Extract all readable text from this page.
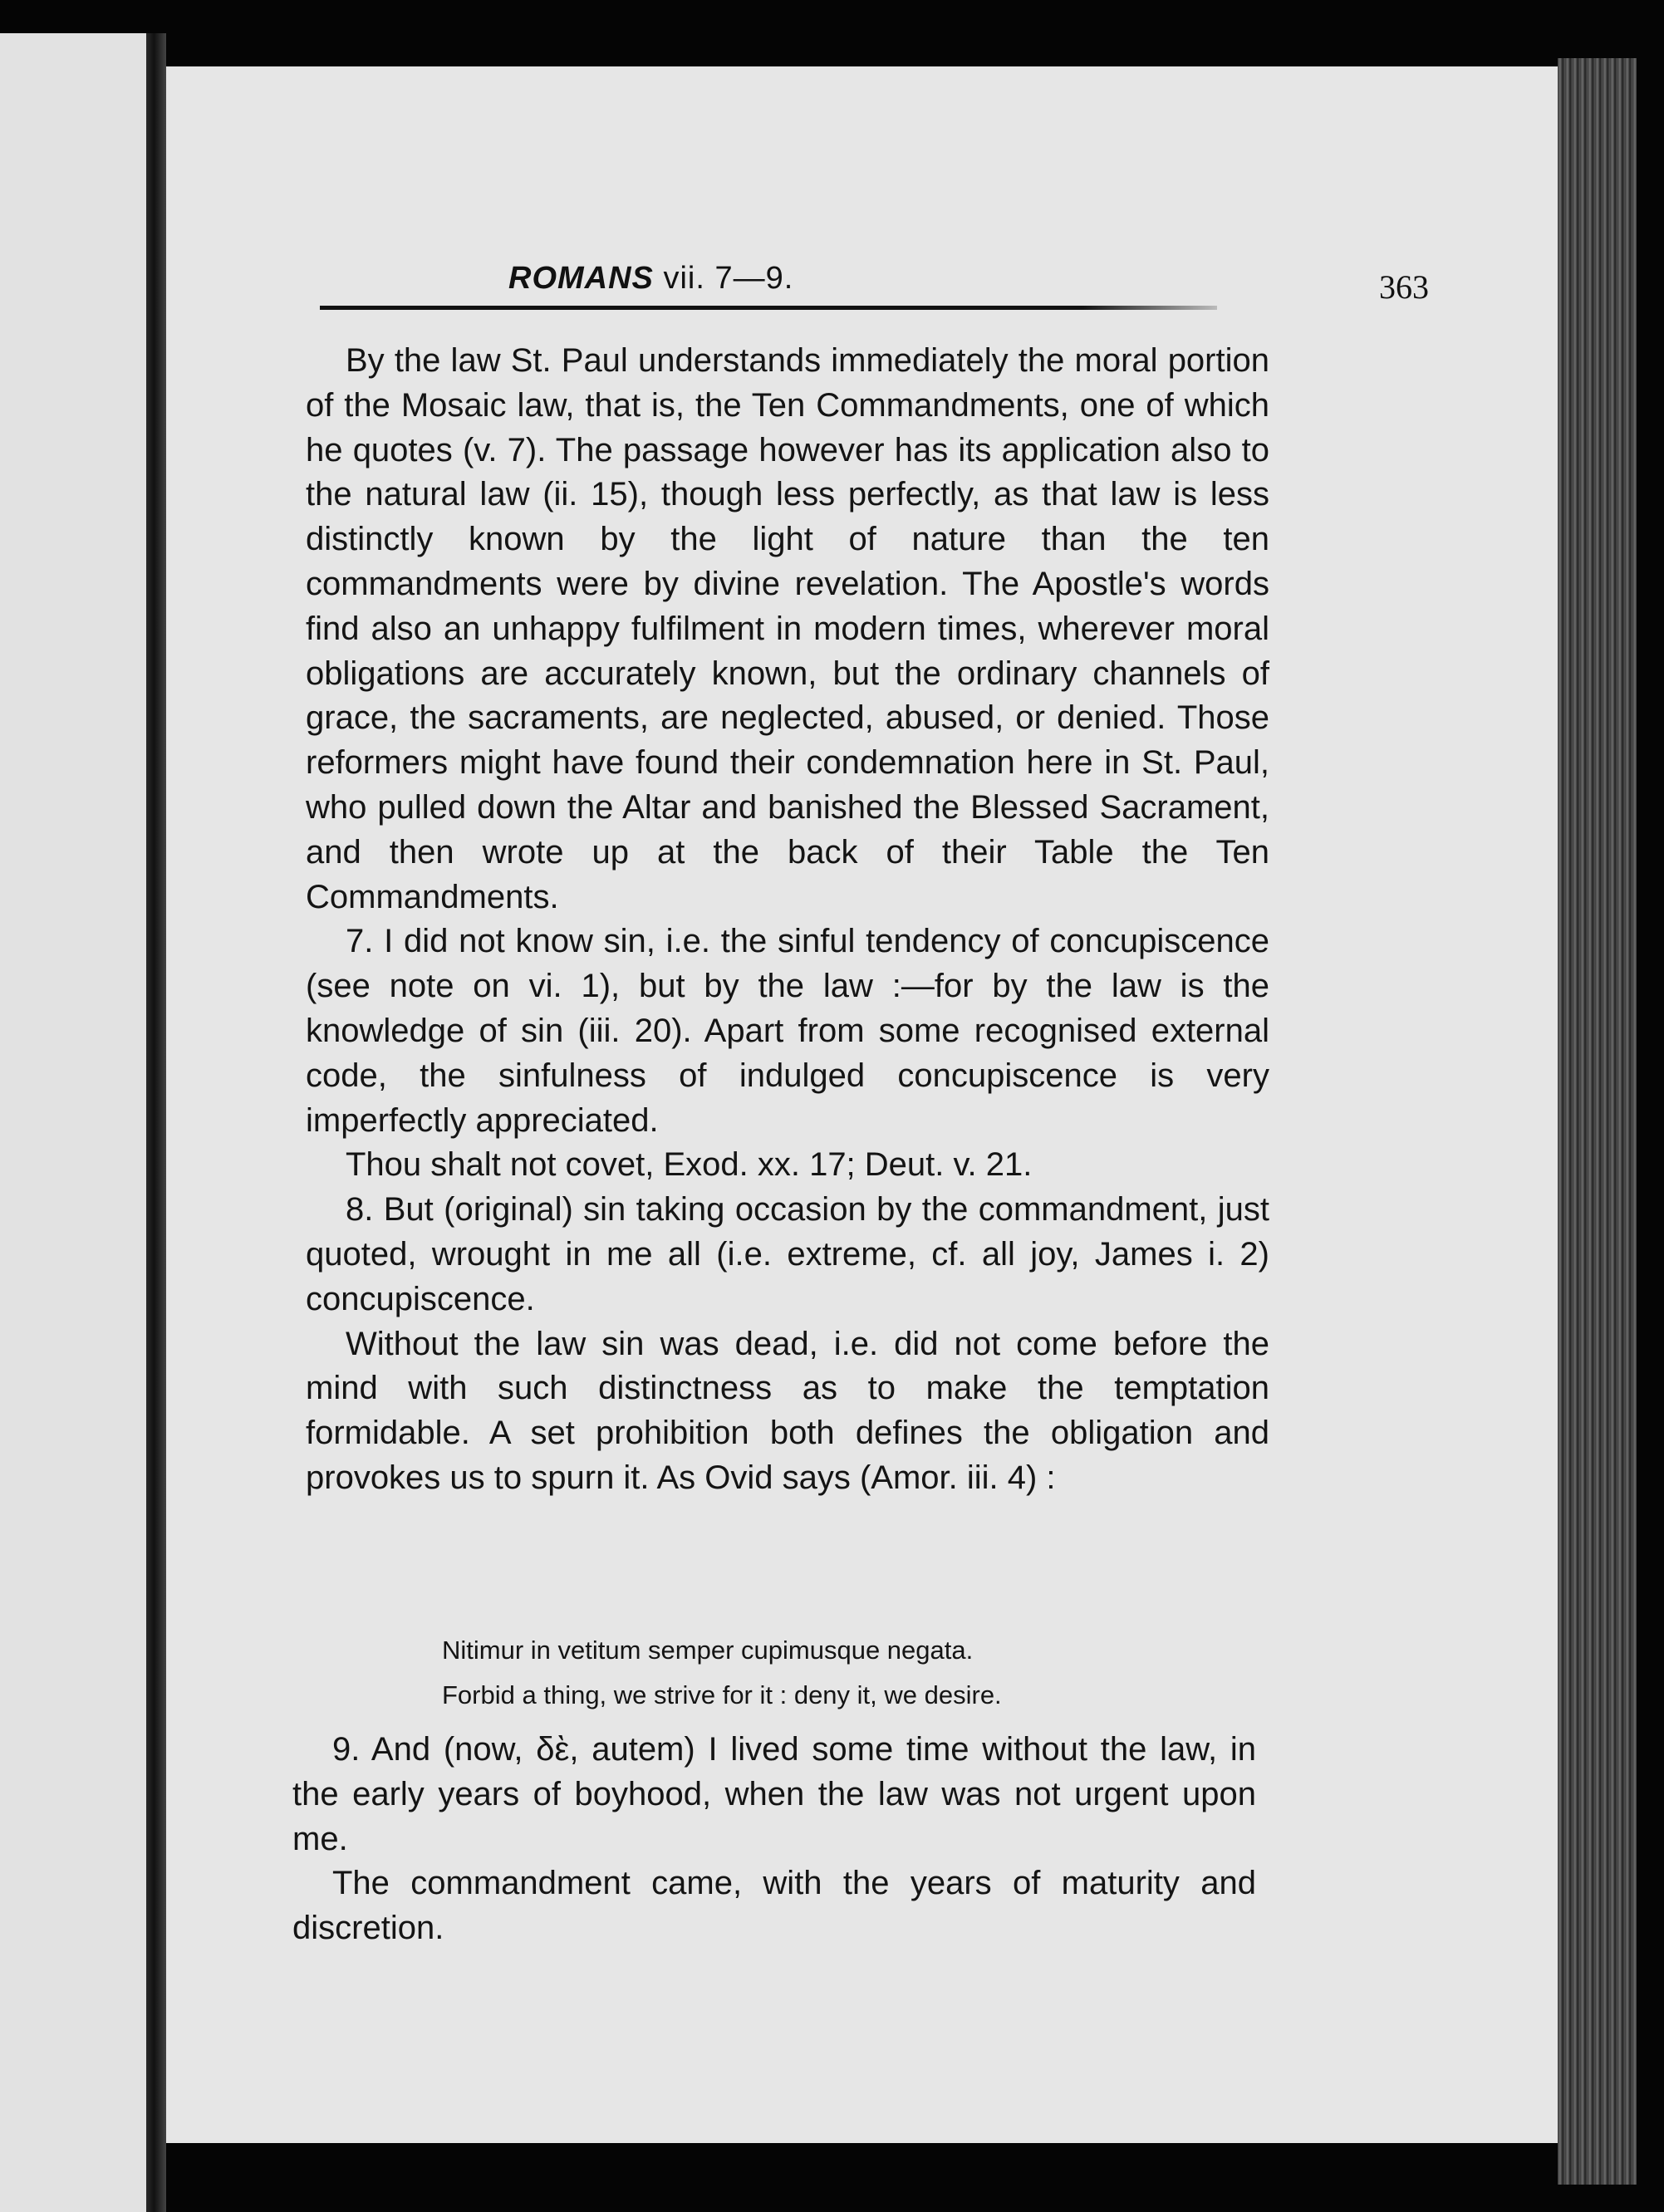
ROMANS vii. 7—9.	363

By the law St. Paul understands immediately the moral portion of the Mosaic law, that is, the Ten Commandments, one of which he quotes (v. 7). The passage however has its application also to the natural law (ii. 15), though less perfectly, as that law is less distinctly known by the light of nature than the ten commandments were by divine revelation. The Apostle's words find also an unhappy fulfilment in modern times, wherever moral obligations are accurately known, but the ordinary channels of grace, the sacraments, are neglected, abused, or denied. Those reformers might have found their condemnation here in St. Paul, who pulled down the Altar and banished the Blessed Sacrament, and then wrote up at the back of their Table the Ten Commandments.

7. I did not know sin, i.e. the sinful tendency of concupiscence (see note on vi. 1), but by the law :—for by the law is the knowledge of sin (iii. 20). Apart from some recognised external code, the sinfulness of indulged concupiscence is very imperfectly appreciated.

Thou shalt not covet, Exod. xx. 17; Deut. v. 21.

8. But (original) sin taking occasion by the commandment, just quoted, wrought in me all (i.e. extreme, cf. all joy, James i. 2) concupiscence.

Without the law sin was dead, i.e. did not come before the mind with such distinctness as to make the temptation formidable. A set prohibition both defines the obligation and provokes us to spurn it. As Ovid says (Amor. iii. 4) :

Nitimur in vetitum semper cupimusque negata.
Forbid a thing, we strive for it : deny it, we desire.

9. And (now, δὲ, autem) I lived some time without the law, in the early years of boyhood, when the law was not urgent upon me.

The commandment came, with the years of maturity and discretion.
